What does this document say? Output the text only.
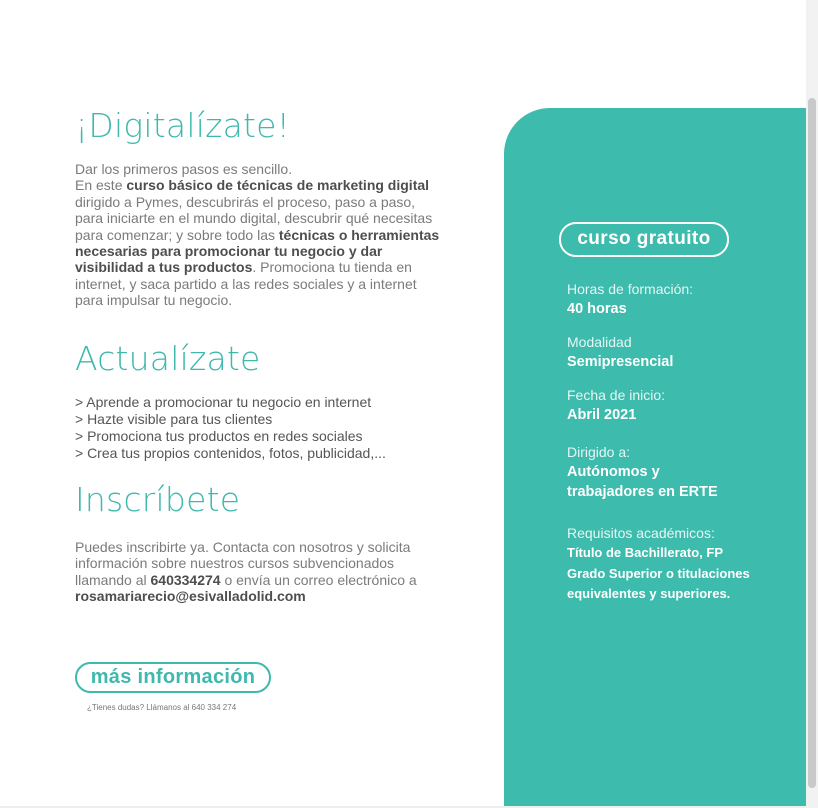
¡Digitalízate!
Dar los primeros pasos es sencillo.
En este curso básico de técnicas de marketing digital dirigido a Pymes, descubrirás el proceso, paso a paso, para iniciarte en el mundo digital, descubrir qué necesitas para comenzar; y sobre todo las técnicas o herramientas necesarias para promocionar tu negocio y dar visibilidad a tus productos. Promociona tu tienda en internet, y saca partido a las redes sociales y a internet para impulsar tu negocio.
Actualízate
> Aprende a promocionar tu negocio en internet
> Hazte visible para tus clientes
> Promociona tus productos en redes sociales
> Crea tus propios contenidos, fotos, publicidad,...
Inscríbete
Puedes inscribirte ya. Contacta con nosotros y solicita información sobre nuestros cursos subvencionados llamando al 640334274 o envía un correo electrónico a rosamariarecio@esivalladolid.com
más información
¿Tienes dudas? Llámanos al 640 334 274
curso gratuito
Horas de formación:
40 horas
Modalidad
Semipresencial
Fecha de inicio:
Abril 2021
Dirigido a:
Autónomos y
trabajadores en ERTE
Requisitos académicos:
Título de Bachillerato, FP
Grado Superior o titulaciones
equivalentes y superiores.
